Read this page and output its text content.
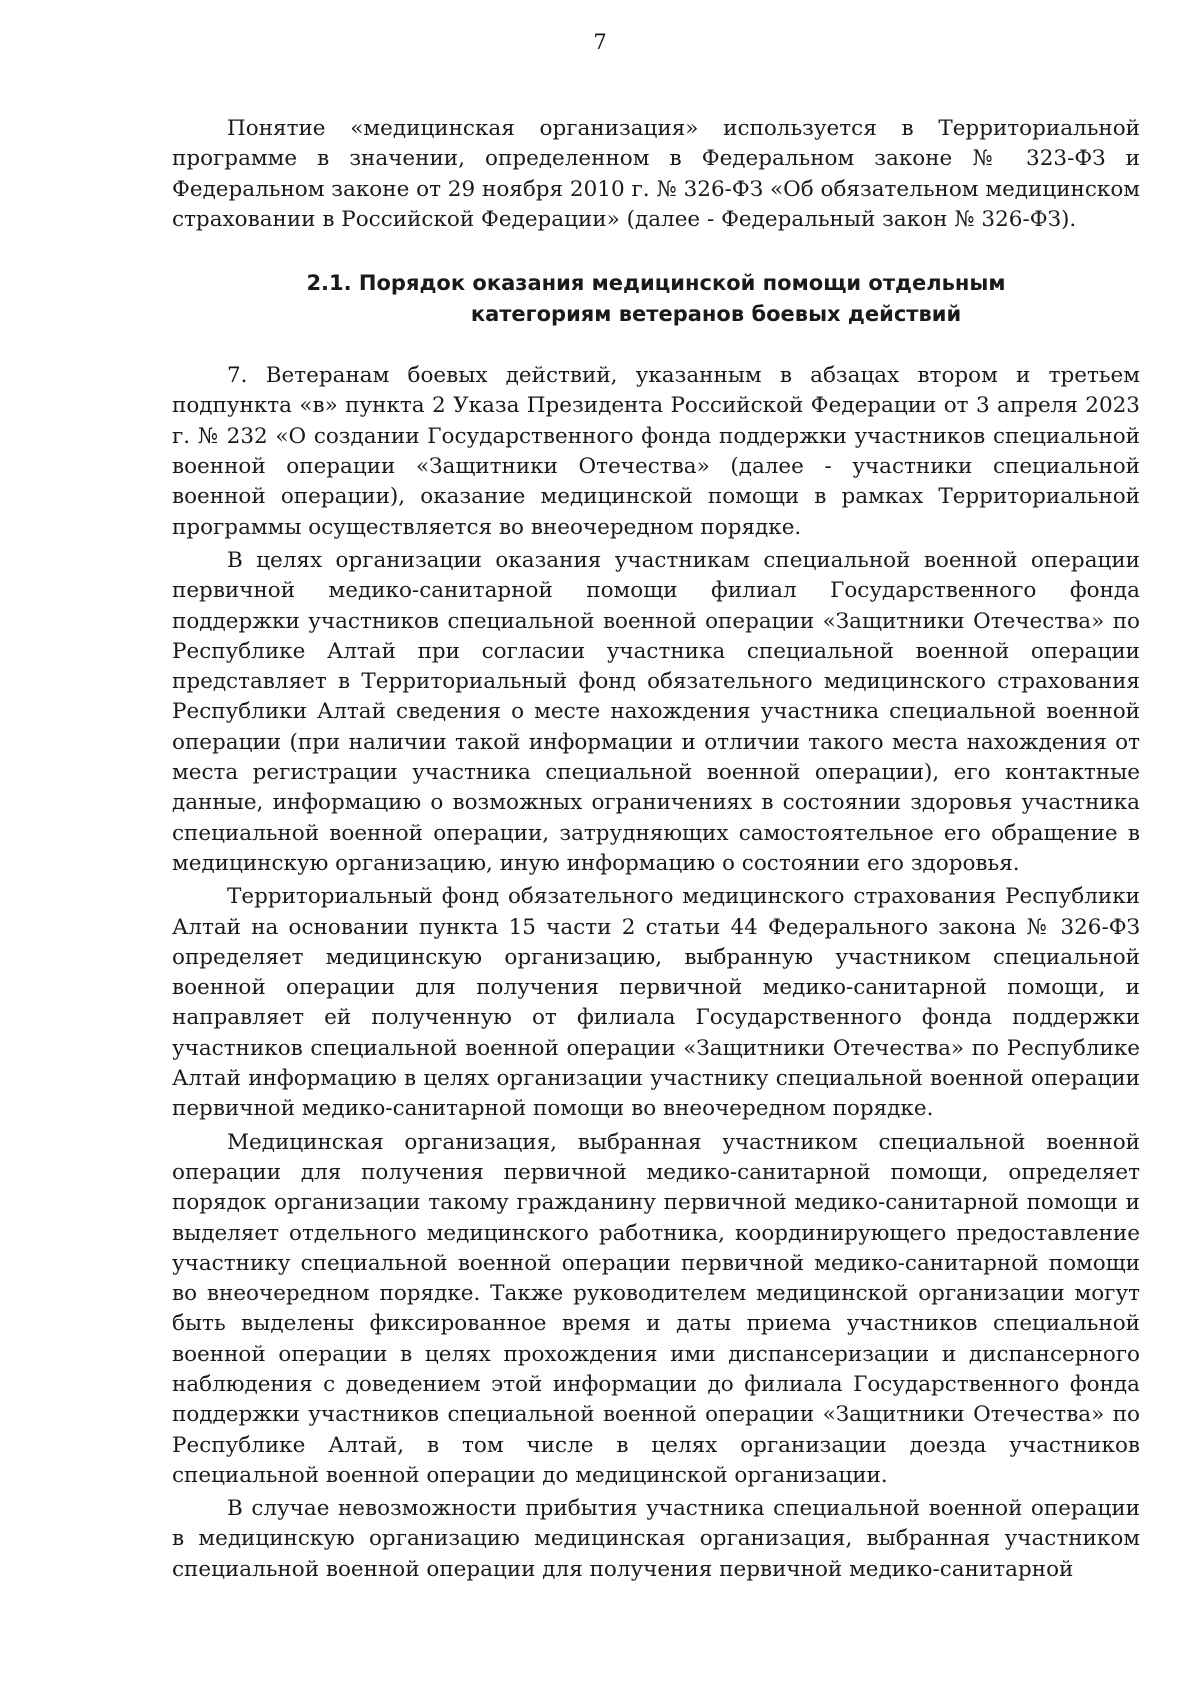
7

Понятие «медицинская организация» используется в Территориальной программе в значении, определенном в Федеральном законе № 323-ФЗ и Федеральном законе от 29 ноября 2010 г. № 326-ФЗ «Об обязательном медицинском страховании в Российской Федерации» (далее - Федеральный закон № 326-ФЗ).

2.1. Порядок оказания медицинской помощи отдельным
категориям ветеранов боевых действий

7. Ветеранам боевых действий, указанным в абзацах втором и третьем подпункта «в» пункта 2 Указа Президента Российской Федерации от 3 апреля 2023 г. № 232 «О создании Государственного фонда поддержки участников специальной военной операции «Защитники Отечества» (далее - участники специальной военной операции), оказание медицинской помощи в рамках Территориальной программы осуществляется во внеочередном порядке.

В целях организации оказания участникам специальной военной операции первичной медико-санитарной помощи филиал Государственного фонда поддержки участников специальной военной операции «Защитники Отечества» по Республике Алтай при согласии участника специальной военной операции представляет в Территориальный фонд обязательного медицинского страхования Республики Алтай сведения о месте нахождения участника специальной военной операции (при наличии такой информации и отличии такого места нахождения от места регистрации участника специальной военной операции), его контактные данные, информацию о возможных ограничениях в состоянии здоровья участника специальной военной операции, затрудняющих самостоятельное его обращение в медицинскую организацию, иную информацию о состоянии его здоровья.

Территориальный фонд обязательного медицинского страхования Республики Алтай на основании пункта 15 части 2 статьи 44 Федерального закона № 326-ФЗ определяет медицинскую организацию, выбранную участником специальной военной операции для получения первичной медико-санитарной помощи, и направляет ей полученную от филиала Государственного фонда поддержки участников специальной военной операции «Защитники Отечества» по Республике Алтай информацию в целях организации участнику специальной военной операции первичной медико-санитарной помощи во внеочередном порядке.

Медицинская организация, выбранная участником специальной военной операции для получения первичной медико-санитарной помощи, определяет порядок организации такому гражданину первичной медико-санитарной помощи и выделяет отдельного медицинского работника, координирующего предоставление участнику специальной военной операции первичной медико-санитарной помощи во внеочередном порядке. Также руководителем медицинской организации могут быть выделены фиксированное время и даты приема участников специальной военной операции в целях прохождения ими диспансеризации и диспансерного наблюдения с доведением этой информации до филиала Государственного фонда поддержки участников специальной военной операции «Защитники Отечества» по Республике Алтай, в том числе в целях организации доезда участников специальной военной операции до медицинской организации.

В случае невозможности прибытия участника специальной военной операции в медицинскую организацию медицинская организация, выбранная участником специальной военной операции для получения первичной медико-санитарной
